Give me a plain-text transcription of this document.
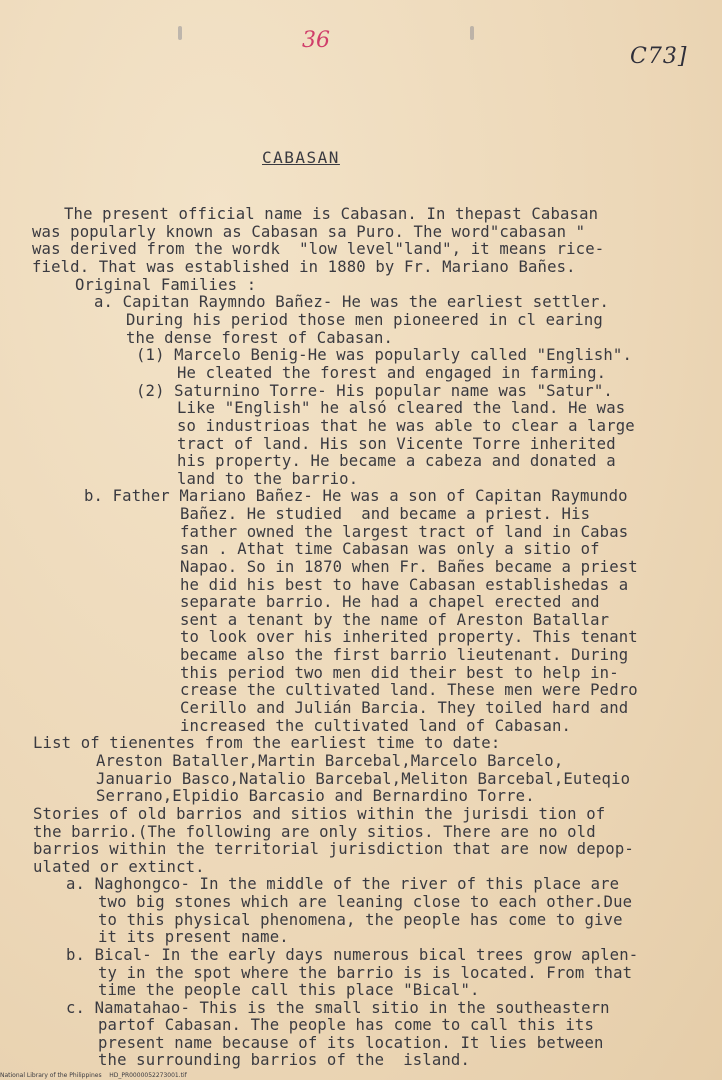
36
C73]
CABASAN
The present official name is Cabasan. In thepast Cabasan
was popularly known as Cabasan sa Puro. The word"cabasan "
was derived from the wordk  "low level"land", it means rice-
field. That was established in 1880 by Fr. Mariano Bañes.
Original Families :
a. Capitan Raymndo Bañez- He was the earliest settler.
During his period those men pioneered in cl earing
the dense forest of Cabasan.
(1) Marcelo Benig-He was popularly called "English".
He cleated the forest and engaged in farming.
(2) Saturnino Torre- His popular name was "Satur".
Like "English" he alsó cleared the land. He was
so industrioas that he was able to clear a large
tract of land. His son Vicente Torre inherited
his property. He became a cabeza and donated a
land to the barrio.
b. Father Mariano Bañez- He was a son of Capitan Raymundo
Bañez. He studied  and became a priest. His
father owned the largest tract of land in Cabas
san . Athat time Cabasan was only a sitio of
Napao. So in 1870 when Fr. Bañes became a priest
he did his best to have Cabasan establishedas a
separate barrio. He had a chapel erected and
sent a tenant by the name of Areston Batallar
to look over his inherited property. This tenant
became also the first barrio lieutenant. During
this period two men did their best to help in-
crease the cultivated land. These men were Pedro
Cerillo and Julián Barcia. They toiled hard and
increased the cultivated land of Cabasan.
List of tienentes from the earliest time to date:
Areston Bataller,Martin Barcebal,Marcelo Barcelo,
Januario Basco,Natalio Barcebal,Meliton Barcebal,Euteqio
Serrano,Elpidio Barcasio and Bernardino Torre.
Stories of old barrios and sitios within the jurisdi tion of
the barrio.(The following are only sitios. There are no old
barrios within the territorial jurisdiction that are now depop-
ulated or extinct.
a. Naghongco- In the middle of the river of this place are
two big stones which are leaning close to each other.Due
to this physical phenomena, the people has come to give
it its present name.
b. Bical- In the early days numerous bical trees grow aplen-
ty in the spot where the barrio is is located. From that
time the people call this place "Bical".
c. Namatahao- This is the small sitio in the southeastern
partof Cabasan. The people has come to call this its
present name because of its location. It lies between
the surrounding barrios of the  island.
National Library of the Philippines    HD_PR0000052273001.tif
